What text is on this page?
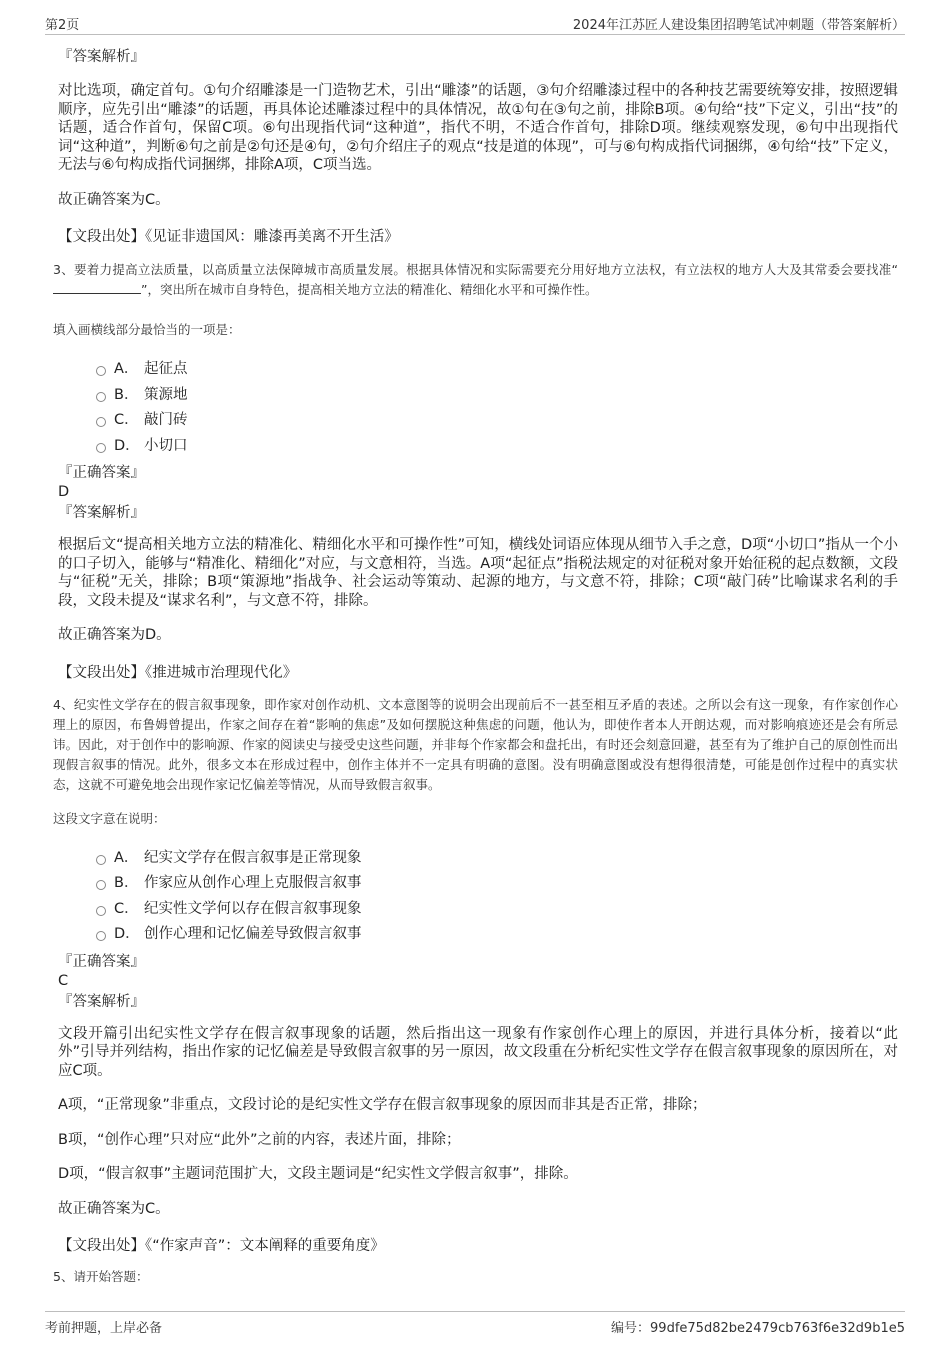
第2页	2024年江苏匠人建设集团招聘笔试冲刺题（带答案解析）

『答案解析』

对比选项，确定首句。①句介绍雕漆是一门造物艺术，引出“雕漆”的话题，③句介绍雕漆过程中的各种技艺需要统筹安排，按照逻辑顺序，应先引出“雕漆”的话题，再具体论述雕漆过程中的具体情况，故①句在③句之前，排除B项。④句给“技”下定义，引出“技”的话题，适合作首句，保留C项。⑥句出现指代词“这种道”，指代不明，不适合作首句，排除D项。继续观察发现，⑥句中出现指代词“这种道”，判断⑥句之前是②句还是④句，②句介绍庄子的观点“技是道的体现”，可与⑥句构成指代词捆绑，④句给“技”下定义，无法与⑥句构成指代词捆绑，排除A项，C项当选。

故正确答案为C。

【文段出处】《见证非遗国风：雕漆再美离不开生活》

3、要着力提高立法质量，以高质量立法保障城市高质量发展。根据具体情况和实际需要充分用好地方立法权，有立法权的地方人大及其常委会要找准“”，突出所在城市自身特色，提高相关地方立法的精准化、精细化水平和可操作性。

填入画横线部分最恰当的一项是：

A． 起征点
B． 策源地
C． 敲门砖
D． 小切口

『正确答案』

D

『答案解析』

根据后文“提高相关地方立法的精准化、精细化水平和可操作性”可知，横线处词语应体现从细节入手之意，D项“小切口”指从一个小的口子切入，能够与“精准化、精细化”对应，与文意相符，当选。A项“起征点”指税法规定的对征税对象开始征税的起点数额，文段与“征税”无关，排除；B项“策源地”指战争、社会运动等策动、起源的地方，与文意不符，排除；C项“敲门砖”比喻谋求名利的手段，文段未提及“谋求名利”，与文意不符，排除。

故正确答案为D。

【文段出处】《推进城市治理现代化》

4、纪实性文学存在的假言叙事现象，即作家对创作动机、文本意图等的说明会出现前后不一甚至相互矛盾的表述。之所以会有这一现象，有作家创作心理上的原因，布鲁姆曾提出，作家之间存在着“影响的焦虑”及如何摆脱这种焦虑的问题，他认为，即使作者本人开朗达观，而对影响痕迹还是会有所忌讳。因此，对于创作中的影响源、作家的阅读史与接受史这些问题，并非每个作家都会和盘托出，有时还会刻意回避，甚至有为了维护自己的原创性而出现假言叙事的情况。此外，很多文本在形成过程中，创作主体并不一定具有明确的意图。没有明确意图或没有想得很清楚，可能是创作过程中的真实状态，这就不可避免地会出现作家记忆偏差等情况，从而导致假言叙事。

这段文字意在说明：

A． 纪实文学存在假言叙事是正常现象
B． 作家应从创作心理上克服假言叙事
C． 纪实性文学何以存在假言叙事现象
D． 创作心理和记忆偏差导致假言叙事

『正确答案』

C

『答案解析』

文段开篇引出纪实性文学存在假言叙事现象的话题，然后指出这一现象有作家创作心理上的原因，并进行具体分析，接着以“此外”引导并列结构，指出作家的记忆偏差是导致假言叙事的另一原因，故文段重在分析纪实性文学存在假言叙事现象的原因所在，对应C项。

A项，“正常现象”非重点，文段讨论的是纪实性文学存在假言叙事现象的原因而非其是否正常，排除；

B项，“创作心理”只对应“此外”之前的内容，表述片面，排除；

D项，“假言叙事”主题词范围扩大，文段主题词是“纪实性文学假言叙事”，排除。

故正确答案为C。

【文段出处】《“作家声音”：文本阐释的重要角度》

5、请开始答题：

考前押题，上岸必备	编号：99dfe75d82be2479cb763f6e32d9b1e5
